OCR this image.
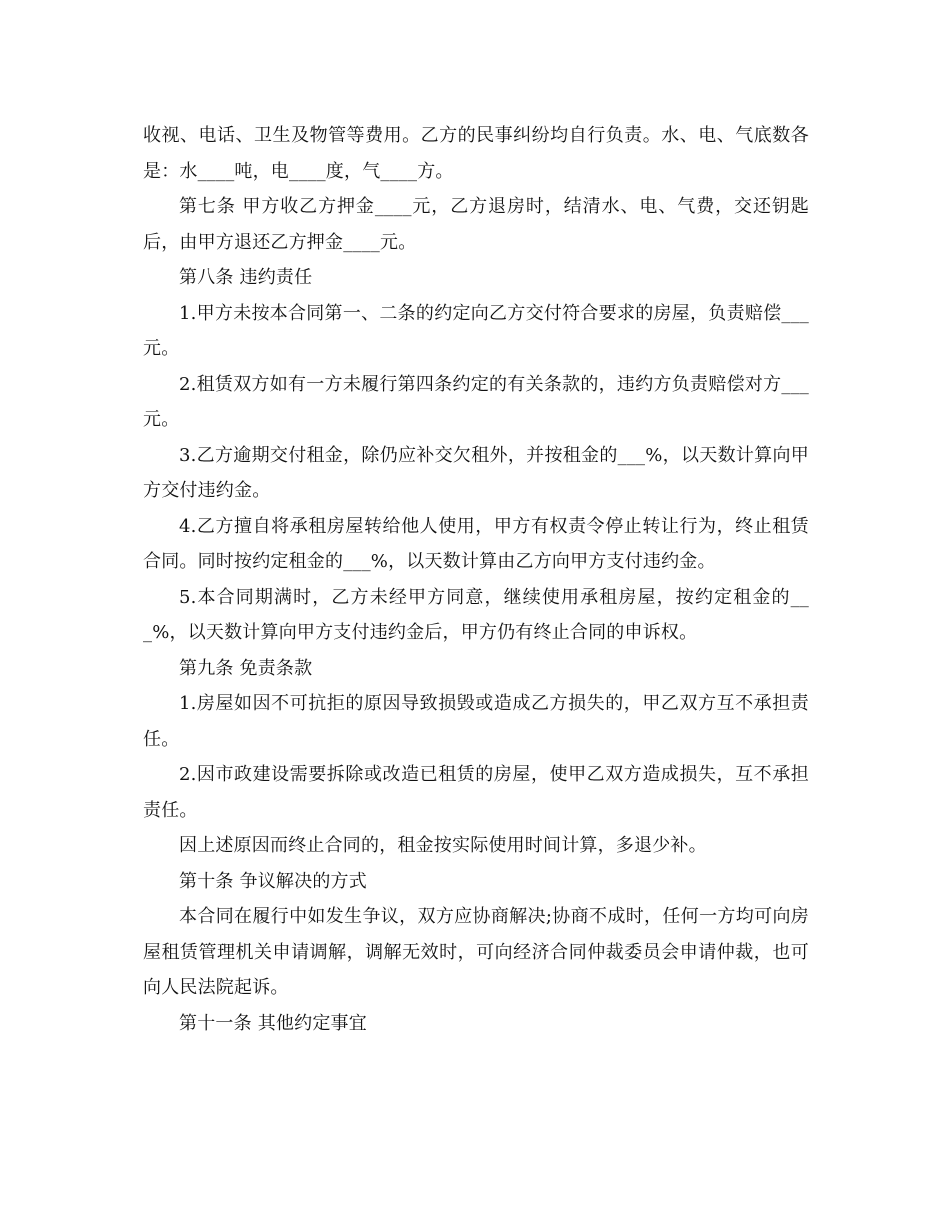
收视、电话、卫生及物管等费用。乙方的民事纠纷均自行负责。水、电、气底数各是：水____吨，电____度，气____方。

第七条 甲方收乙方押金____元，乙方退房时，结清水、电、气费，交还钥匙后，由甲方退还乙方押金____元。

第八条 违约责任

1.甲方未按本合同第一、二条的约定向乙方交付符合要求的房屋，负责赔偿___元。

2.租赁双方如有一方未履行第四条约定的有关条款的，违约方负责赔偿对方___元。

3.乙方逾期交付租金，除仍应补交欠租外，并按租金的___%，以天数计算向甲方交付违约金。

4.乙方擅自将承租房屋转给他人使用，甲方有权责令停止转让行为，终止租赁合同。同时按约定租金的___%，以天数计算由乙方向甲方支付违约金。

5.本合同期满时，乙方未经甲方同意，继续使用承租房屋，按约定租金的___%，以天数计算向甲方支付违约金后，甲方仍有终止合同的申诉权。

第九条 免责条款

1.房屋如因不可抗拒的原因导致损毁或造成乙方损失的，甲乙双方互不承担责任。

2.因市政建设需要拆除或改造已租赁的房屋，使甲乙双方造成损失，互不承担责任。

因上述原因而终止合同的，租金按实际使用时间计算，多退少补。

第十条 争议解决的方式

本合同在履行中如发生争议，双方应协商解决;协商不成时，任何一方均可向房屋租赁管理机关申请调解，调解无效时，可向经济合同仲裁委员会申请仲裁，也可向人民法院起诉。

第十一条 其他约定事宜
